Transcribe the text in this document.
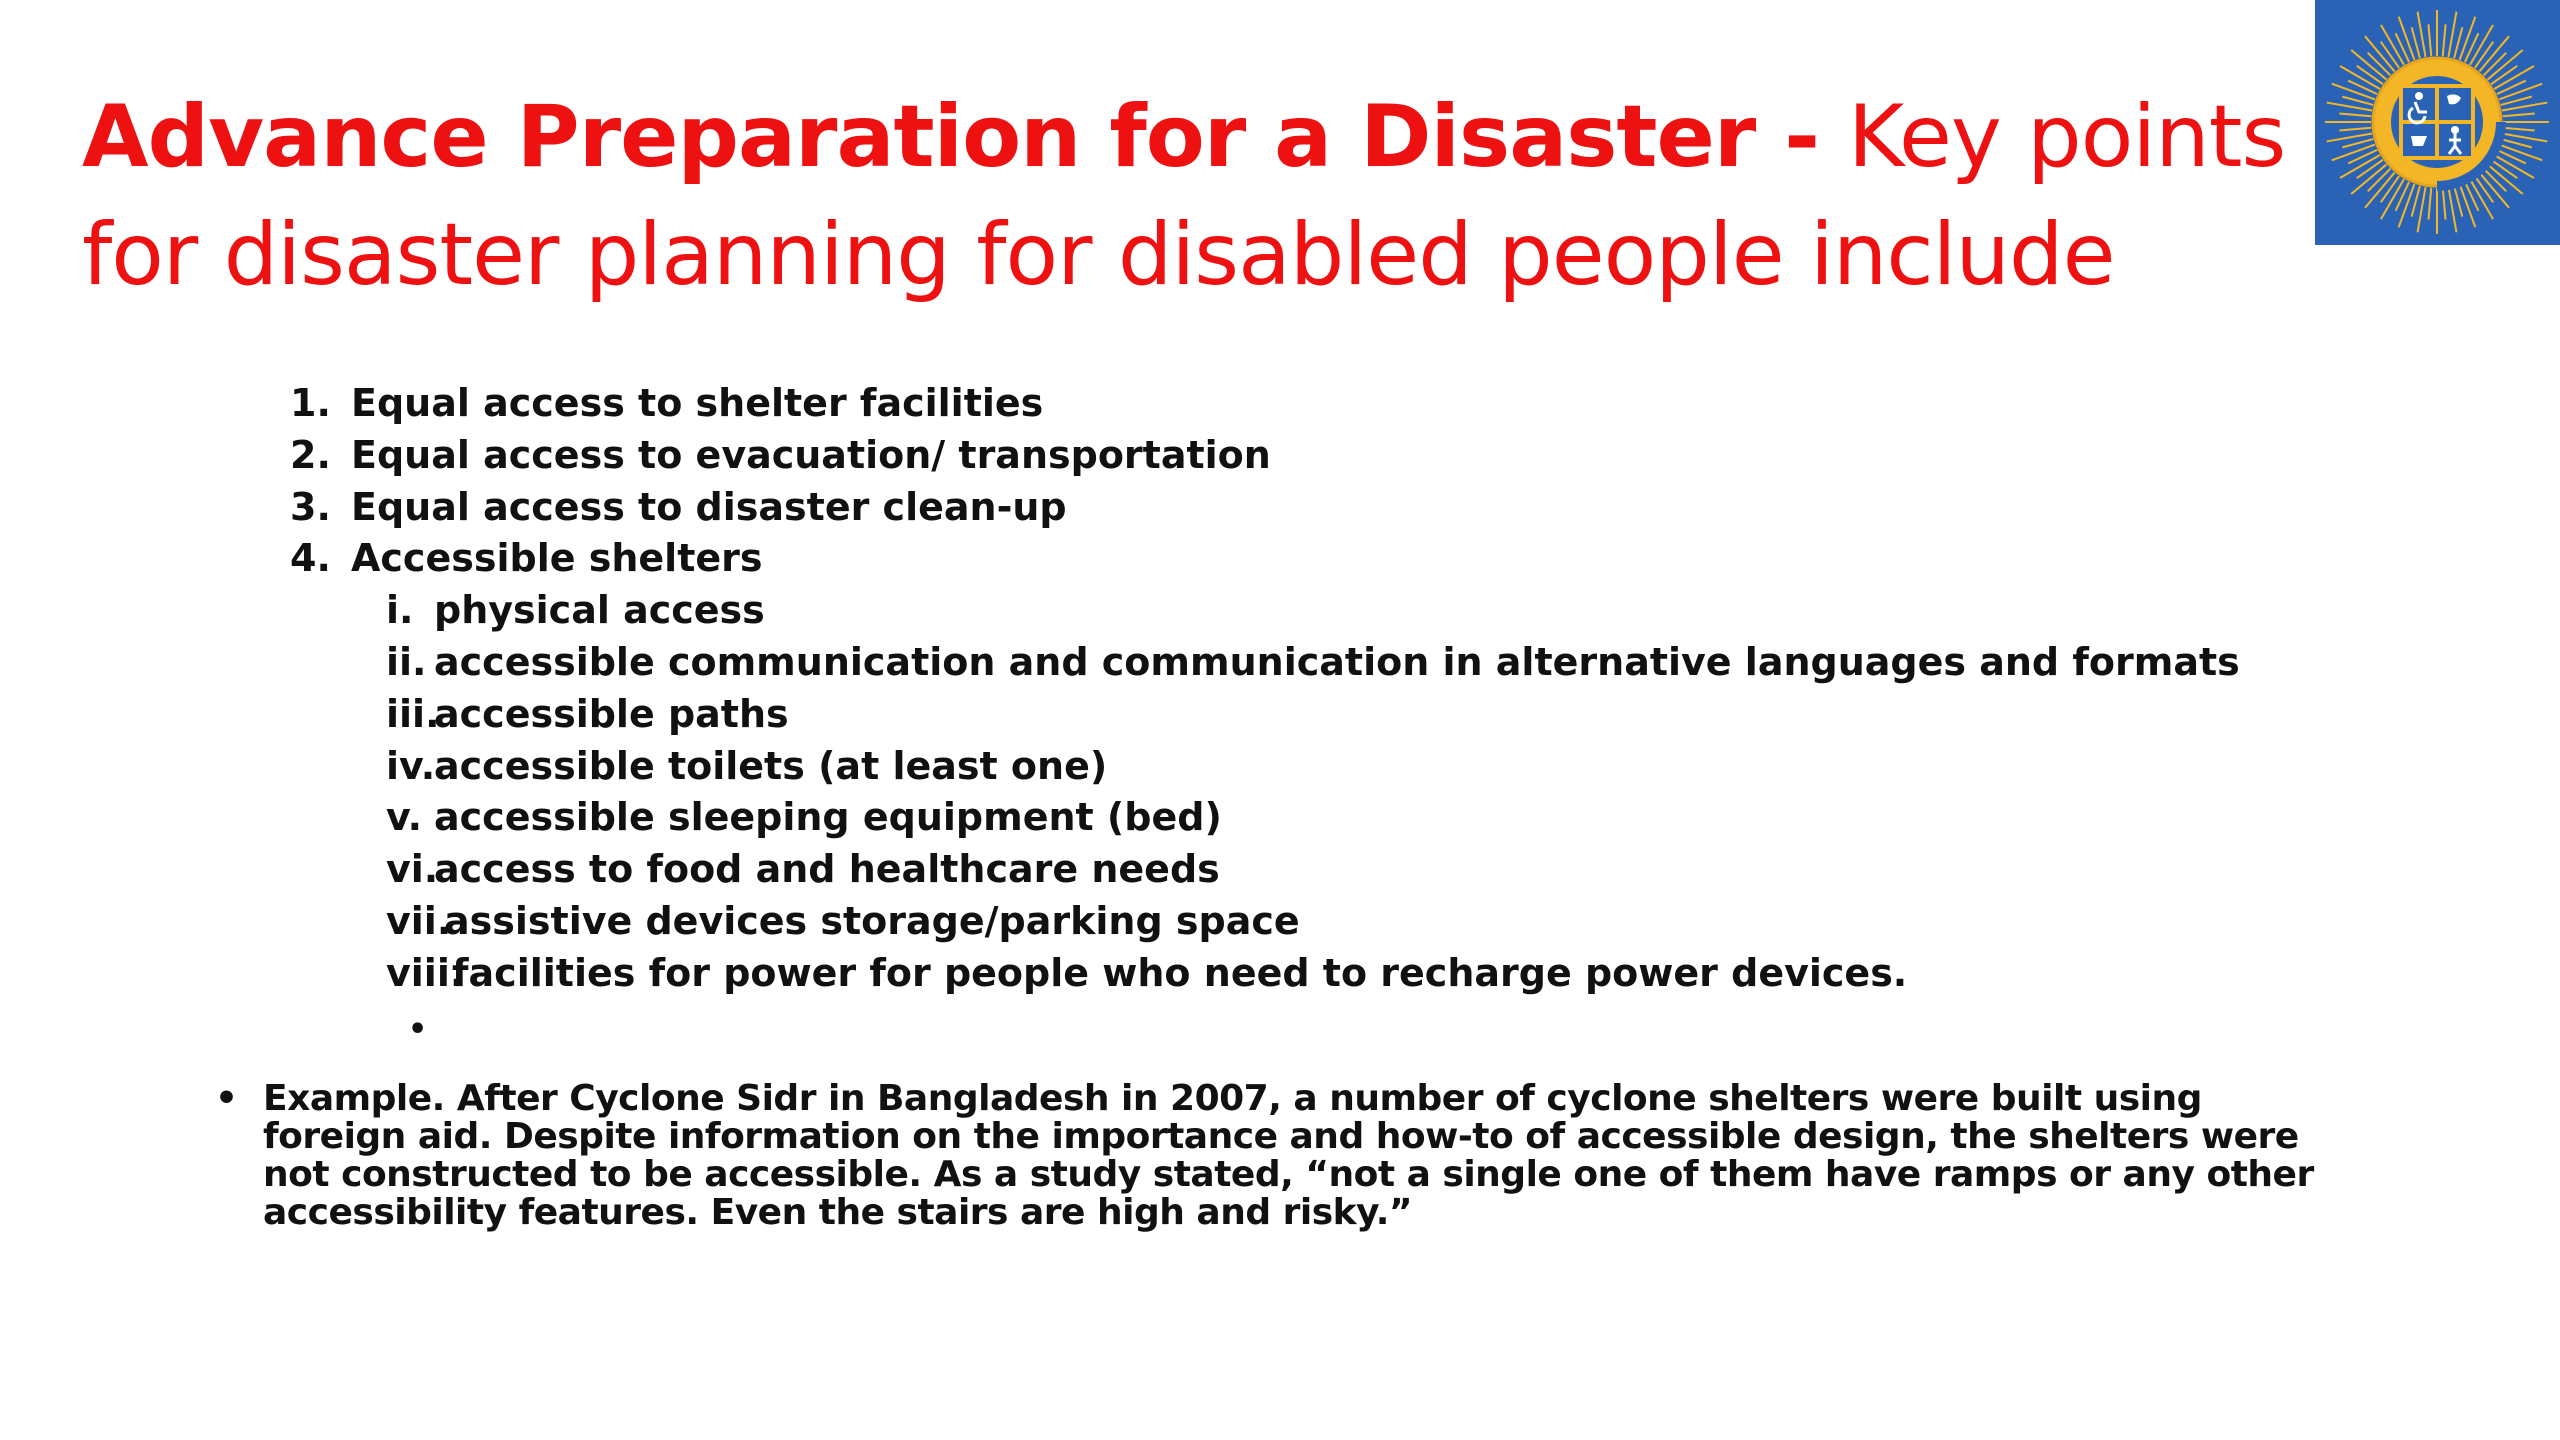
Advance Preparation for a Disaster - Key points
for disaster planning for disabled people include
1. Equal access to shelter facilities
2. Equal access to evacuation/ transportation
3. Equal access to disaster clean-up
4. Accessible shelters
i. physical access
ii. accessible communication and communication in alternative languages and formats
iii.
accessible paths
iv.
accessible toilets (at least one)
v. accessible sleeping equipment (bed)
vi.
access to food and healthcare needs
vii.
assistive devices storage/parking space
viii.
facilities for power for people who need to recharge power devices.
•
• Example. After Cyclone Sidr in Bangladesh in 2007, a number of cyclone shelters were built using foreign aid. Despite information on the importance and how-to of accessible design, the shelters were not constructed to be accessible. As a study stated, “not a single one of them have ramps or any other accessibility features. Even the stairs are high and risky.”
